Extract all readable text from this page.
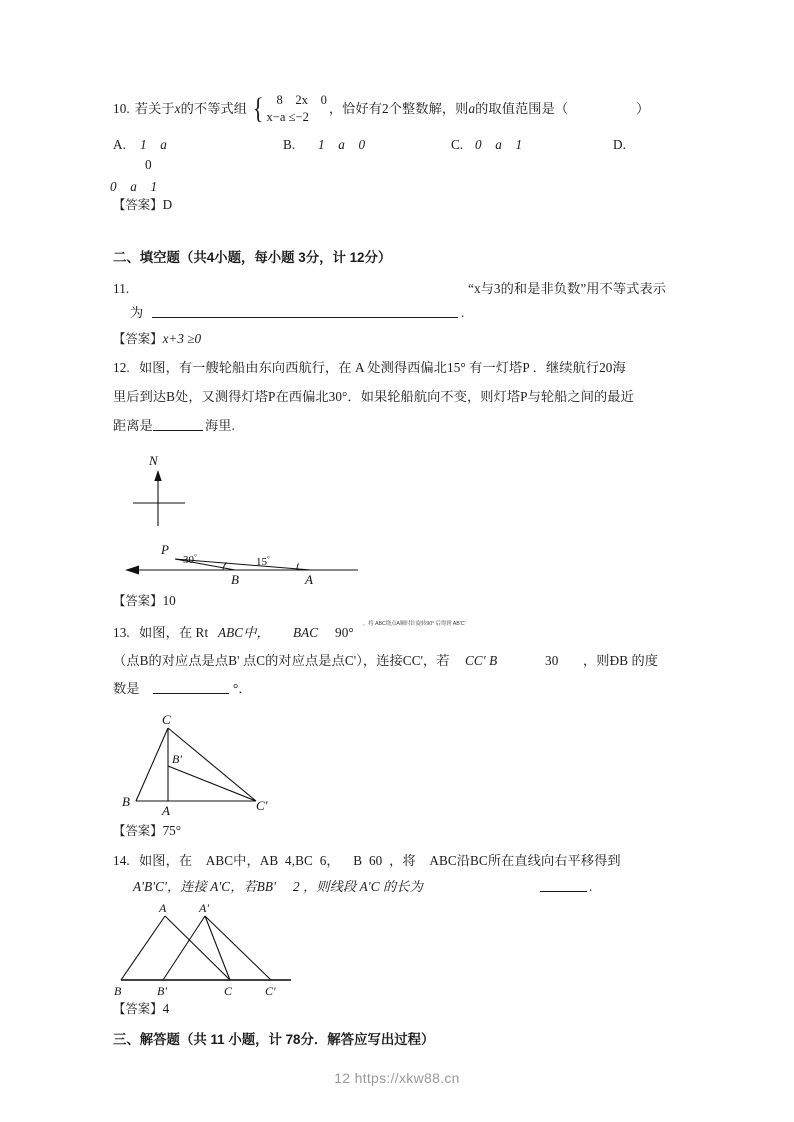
10. 若关于 x 的不等式组 {	8    2x    0
x−a ≤−2
，恰好有2个整数解，则 a 的取值范围是（	）
A. 1    a
0
B. 1    a    0	C. 0    a    1	D.
0    a    1
【答案】D
二、填空题（共4小题，每小题 3分，计 12分）
11.	“x与3的和是非负数”用不等式表示
为	.
【答案】x+3 ≥0
12. 如图，有一艘轮船由东向西航行，在 A 处测得西偏北15° 有一灯塔P ．继续航行20海
里后到达B处，又测得灯塔P在西偏北30°．如果轮船航向不变，则灯塔P与轮船之间的最近
距离是	海里.
N
P
30°	15°
B	A
【答案】10
13. 如图，在 Rt ABC中， BAC 90°
，将 ABC绕点A顺时针旋转90° 后得到 AB'C'
（点B的对应点是点B' 点C的对应点是点C'），连接CC'，若 CC' B	30 ，则ÐB 的度
数是	°．
C
B'
B
A	C'
【答案】75°
14. 如图，在    ABC中，AB  4,BC  6，    B  60  ，将    ABC沿BC所在直线向右平移得到
A'B'C'，连接 A'C，若BB'     2 ，则线段 A'C 的长为	.
A	A'
B	B'	C	C'
【答案】4
三、解答题（共 11 小题，计 78分．解答应写出过程）
12 https://xkw88.cn
